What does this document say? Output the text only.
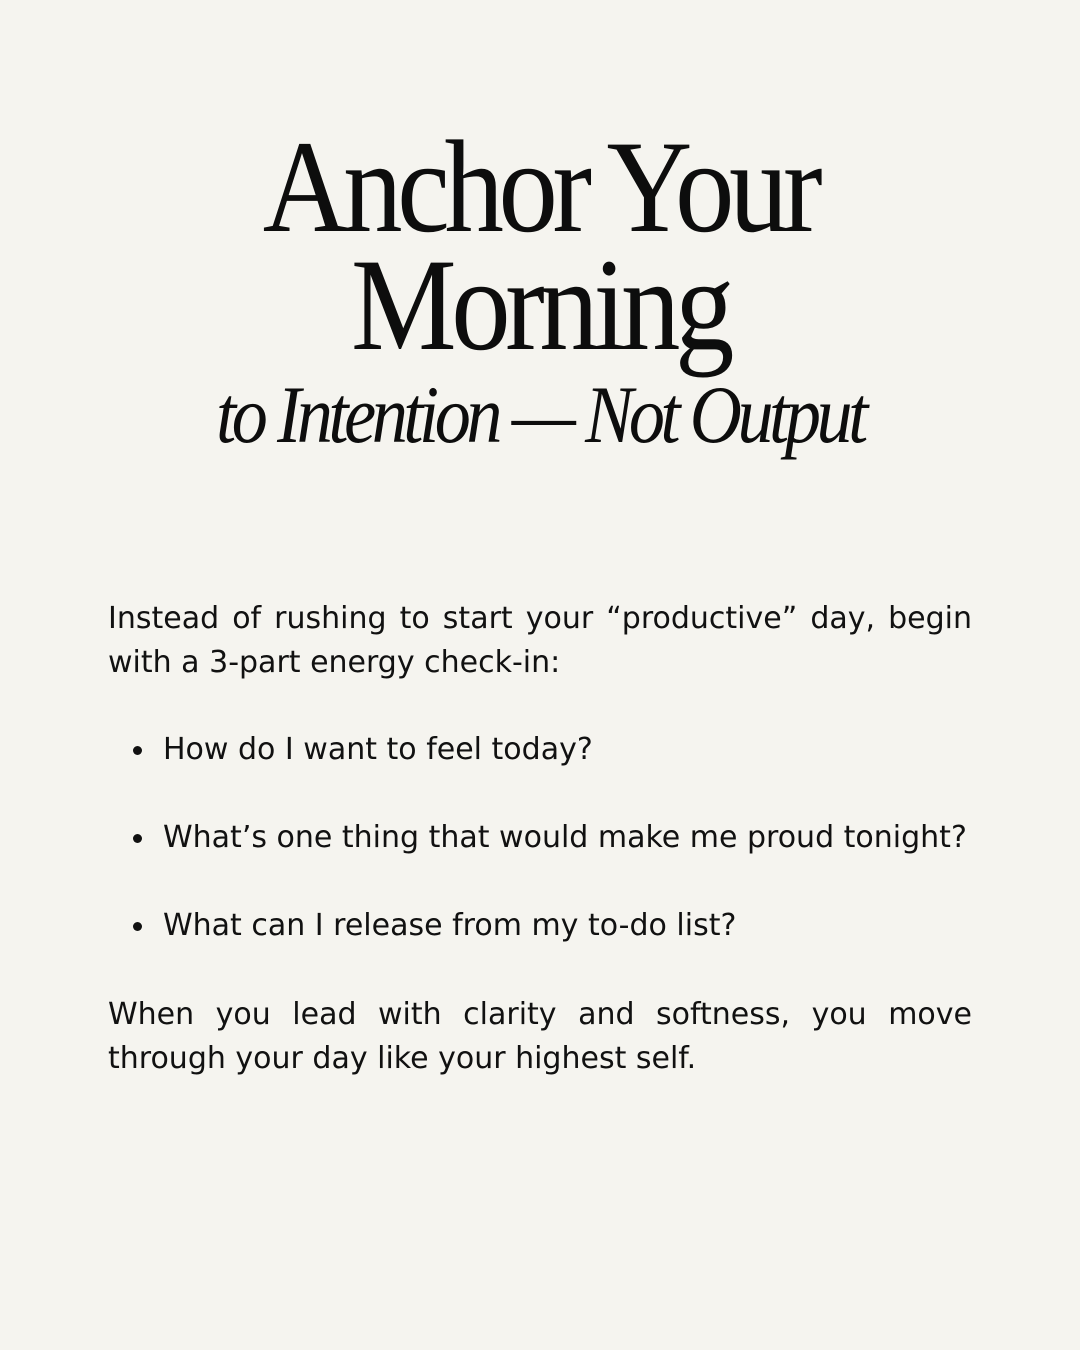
Anchor Your
Morning
to Intention — Not Output

Instead of rushing to start your “productive” day, begin with a 3-part energy check-in:

How do I want to feel today?
What’s one thing that would make me proud tonight?
What can I release from my to-do list?

When you lead with clarity and softness, you move through your day like your highest self.
